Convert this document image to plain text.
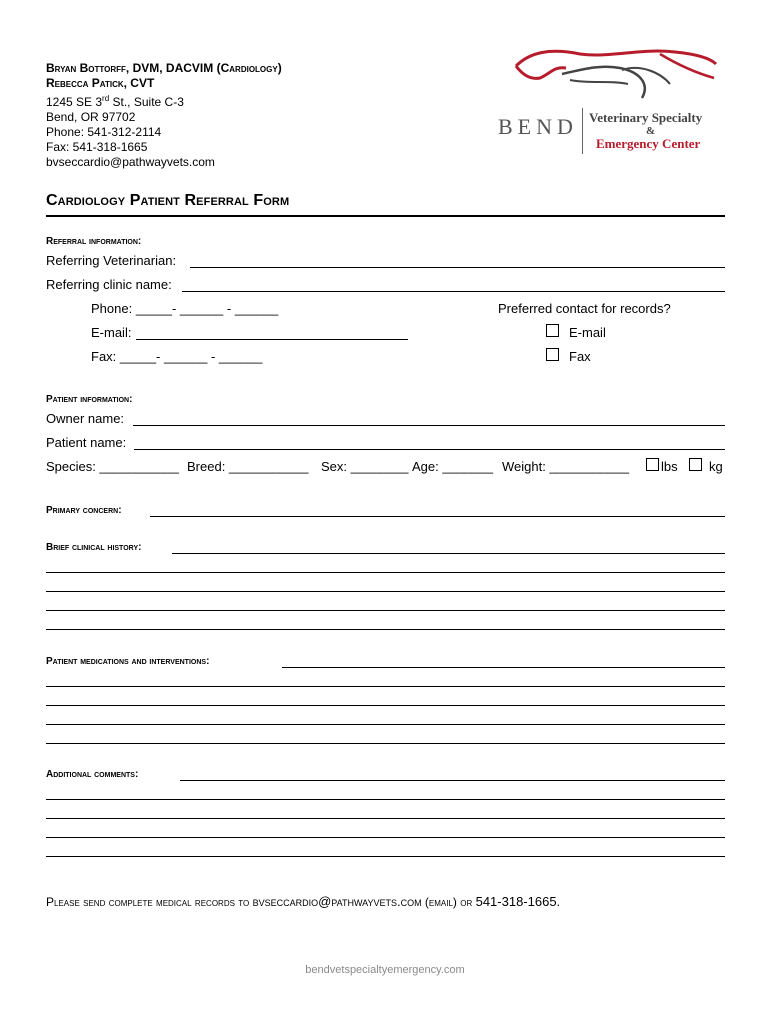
Bryan Bottorff, DVM, DACVIM (Cardiology)
Rebecca Patick, CVT
1245 SE 3rd St., Suite C-3
Bend, OR 97702
Phone: 541-312-2114
Fax: 541-318-1665
bvseccardio@pathwayvets.com
BEND Veterinary Specialty
&
Emergency Center
Cardiology Patient Referral Form
Referral information:
Referring Veterinarian:
Referring clinic name:
Phone: _____- ______ - ______
E-mail:
Fax: _____- ______ - ______
Preferred contact for records?
E-mail
Fax
Patient information:
Owner name:
Patient name:
Species: ___________ Breed: ___________ Sex: ________ Age: _______ Weight: ___________ lbs kg
Primary concern:
Brief clinical history:
Patient medications and interventions:
Additional comments:
Please send complete medical records to bvseccardio@pathwayvets.com (email) or 541-318-1665.
bendvetspecialtyemergency.com
